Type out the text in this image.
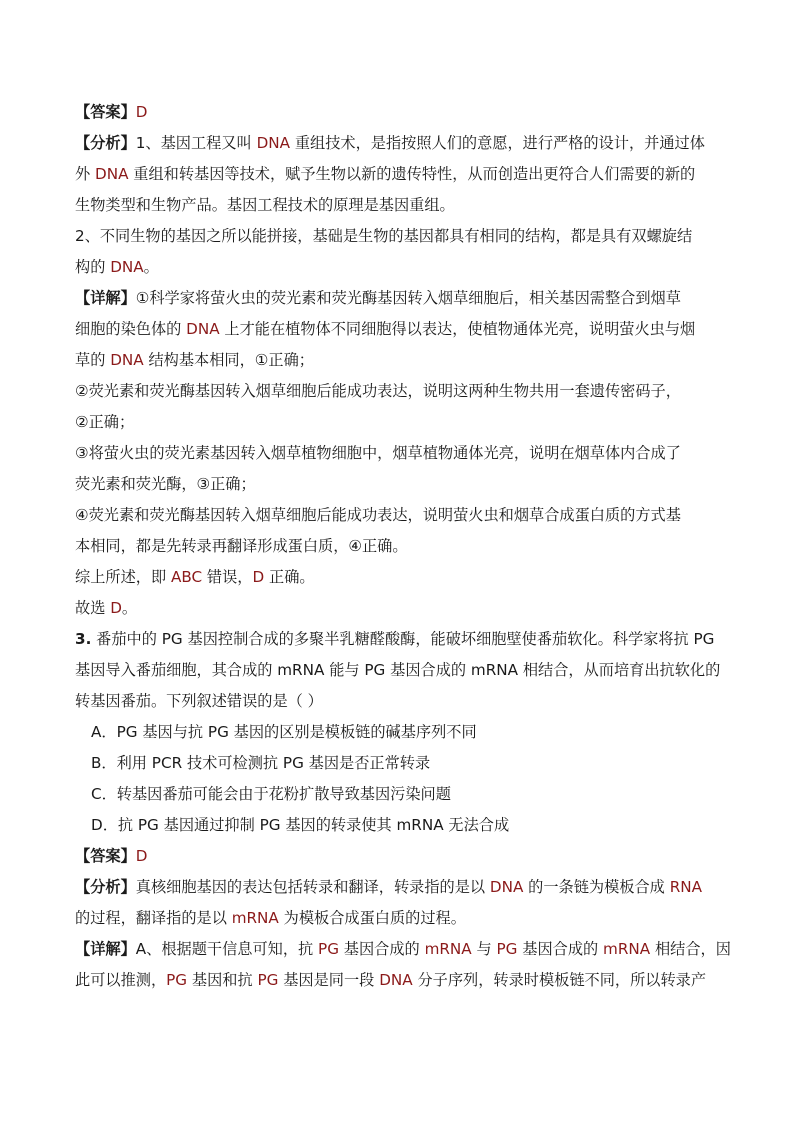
【答案】D
【分析】1、基因工程又叫 DNA 重组技术，是指按照人们的意愿，进行严格的设计，并通过体
外 DNA 重组和转基因等技术，赋予生物以新的遗传特性，从而创造出更符合人们需要的新的
生物类型和生物产品。基因工程技术的原理是基因重组。
2、不同生物的基因之所以能拼接，基础是生物的基因都具有相同的结构，都是具有双螺旋结
构的 DNA。
【详解】①科学家将萤火虫的荧光素和荧光酶基因转入烟草细胞后，相关基因需整合到烟草
细胞的染色体的 DNA 上才能在植物体不同细胞得以表达，使植物通体光亮，说明萤火虫与烟
草的 DNA 结构基本相同，①正确；
②荧光素和荧光酶基因转入烟草细胞后能成功表达，说明这两种生物共用一套遗传密码子，
②正确；
③将萤火虫的荧光素基因转入烟草植物细胞中，烟草植物通体光亮，说明在烟草体内合成了
荧光素和荧光酶，③正确；
④荧光素和荧光酶基因转入烟草细胞后能成功表达，说明萤火虫和烟草合成蛋白质的方式基
本相同，都是先转录再翻译形成蛋白质，④正确。
综上所述，即 ABC 错误，D 正确。
故选 D。
3. 番茄中的 PG 基因控制合成的多聚半乳糖醛酸酶，能破坏细胞壁使番茄软化。科学家将抗 PG
基因导入番茄细胞，其合成的 mRNA 能与 PG 基因合成的 mRNA 相结合，从而培育出抗软化的
转基因番茄。下列叙述错误的是（ ）
A．PG 基因与抗 PG 基因的区别是模板链的碱基序列不同
B．利用 PCR 技术可检测抗 PG 基因是否正常转录
C．转基因番茄可能会由于花粉扩散导致基因污染问题
D．抗 PG 基因通过抑制 PG 基因的转录使其 mRNA 无法合成
【答案】D
【分析】真核细胞基因的表达包括转录和翻译，转录指的是以 DNA 的一条链为模板合成 RNA
的过程，翻译指的是以 mRNA 为模板合成蛋白质的过程。
【详解】A、根据题干信息可知，抗 PG 基因合成的 mRNA 与 PG 基因合成的 mRNA 相结合，因
此可以推测，PG 基因和抗 PG 基因是同一段 DNA 分子序列，转录时模板链不同，所以转录产
